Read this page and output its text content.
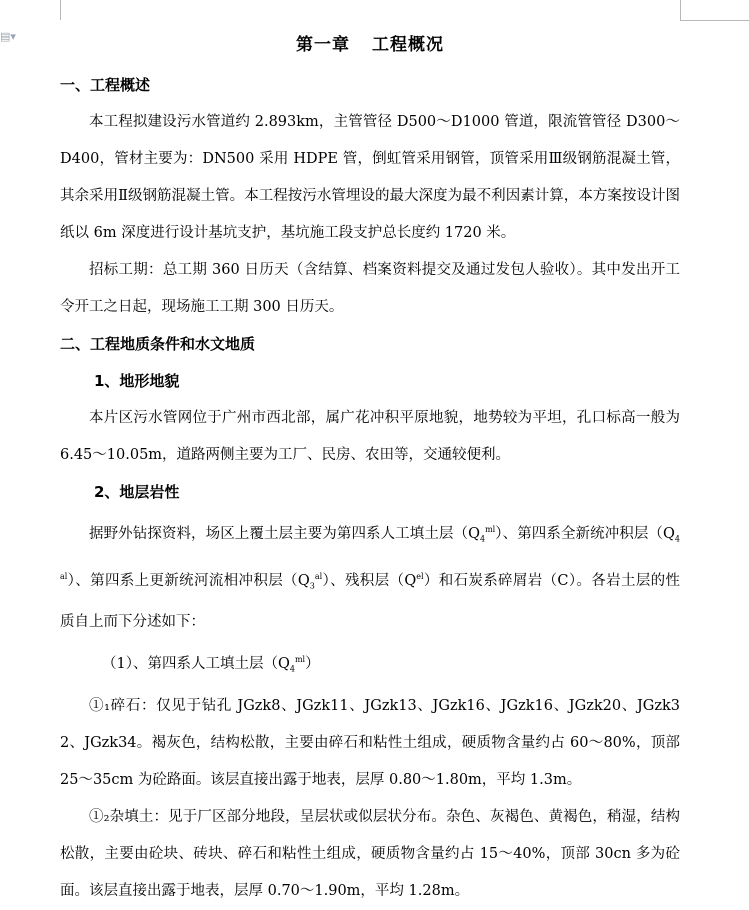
▤▾	第一章 工程概况
一、工程概述

本工程拟建设污水管道约 2.893km，主管管径 D500～D1000 管道，限流管管径 D300～D400，管材主要为：DN500 采用 HDPE 管，倒虹管采用钢管，顶管采用Ⅲ级钢筋混凝土管，其余采用Ⅱ级钢筋混凝土管。本工程按污水管埋设的最大深度为最不利因素计算，本方案按设计图纸以 6m 深度进行设计基坑支护，基坑施工段支护总长度约 1720 米。

招标工期：总工期 360 日历天（含结算、档案资料提交及通过发包人验收）。其中发出开工令开工之日起，现场施工工期 300 日历天。

二、工程地质条件和水文地质
1、地形地貌

本片区污水管网位于广州市西北部，属广花冲积平原地貌，地势较为平坦，孔口标高一般为 6.45～10.05m，道路两侧主要为工厂、民房、农田等，交通较便利。

2、地层岩性

据野外钻探资料，场区上覆土层主要为第四系人工填土层$(Q_4^{ml})$、第四系全新统冲积层$(Q_4^{al})$、第四系上更新统河流相冲积层$(Q_3^{al})$、残积层$(Q^{el})$和石炭系碎屑岩（C）。各岩土层的性质自上而下分述如下：

（1）、第四系人工填土层$(Q_4^{ml})$

①₁碎石：仅见于钻孔 JGzk8、JGzk11、JGzk13、JGzk16、JGzk16、JGzk20、JGzk32、JGzk34。褐灰色，结构松散，主要由碎石和粘性土组成，硬质物含量约占 60～80%，顶部 25～35cm 为砼路面。该层直接出露于地表，层厚 0.80～1.80m，平均 1.3m。

①₂杂填土：见于厂区部分地段，呈层状或似层状分布。杂色、灰褐色、黄褐色，稍湿，结构松散，主要由砼块、砖块、碎石和粘性土组成，硬质物含量约占 15～40%，顶部 30cn 多为砼面。该层直接出露于地表，层厚 0.70～1.90m，平均 1.28m。
